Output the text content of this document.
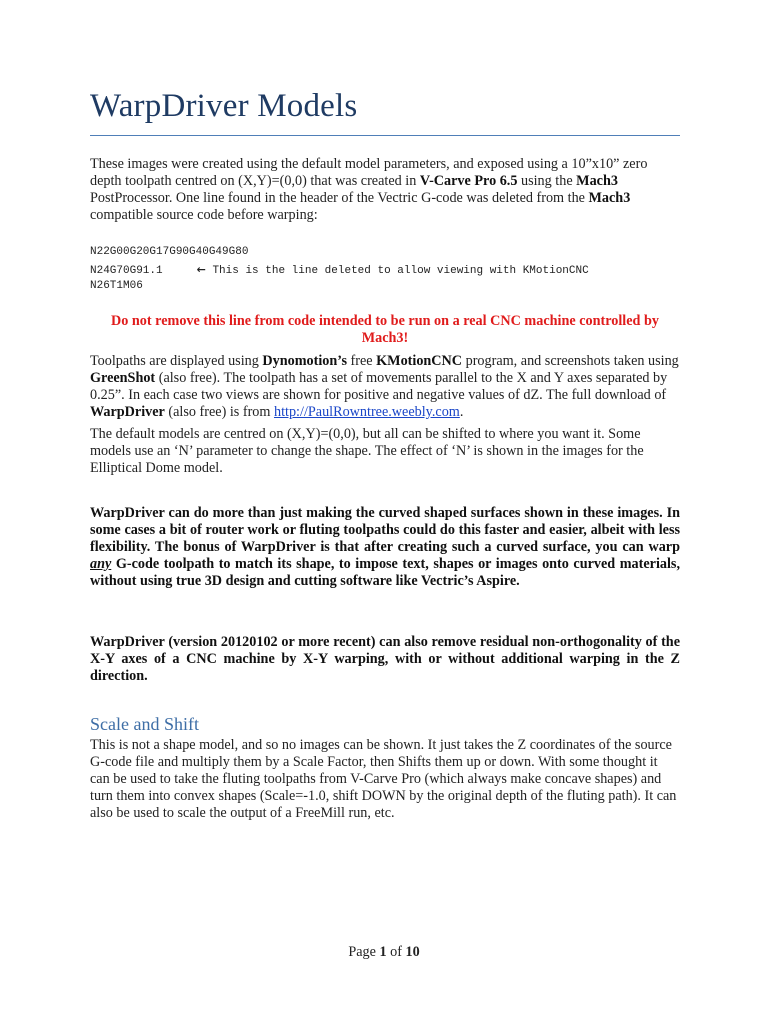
WarpDriver Models

These images were created using the default model parameters, and exposed using a 10”x10” zero depth toolpath centred on (X,Y)=(0,0) that was created in V-Carve Pro 6.5 using the Mach3 PostProcessor. One line found in the header of the Vectric G-code was deleted from the Mach3 compatible source code before warping:

N22G00G20G17G90G40G49G80
N24G70G91.1	← This is the line deleted to allow viewing with KMotionCNC
N26T1M06

Do not remove this line from code intended to be run on a real CNC machine controlled by Mach3!

Toolpaths are displayed using Dynomotion’s free KMotionCNC program, and screenshots taken using GreenShot (also free). The toolpath has a set of movements parallel to the X and Y axes separated by 0.25”. In each case two views are shown for positive and negative values of dZ. The full download of WarpDriver (also free) is from http://PaulRowntree.weebly.com.

The default models are centred on (X,Y)=(0,0), but all can be shifted to where you want it. Some models use an ‘N’ parameter to change the shape. The effect of ‘N’ is shown in the images for the Elliptical Dome model.

WarpDriver can do more than just making the curved shaped surfaces shown in these images. In some cases a bit of router work or fluting toolpaths could do this faster and easier, albeit with less flexibility. The bonus of WarpDriver is that after creating such a curved surface, you can warp any G-code toolpath to match its shape, to impose text, shapes or images onto curved materials, without using true 3D design and cutting software like Vectric’s Aspire.

WarpDriver (version 20120102 or more recent) can also remove residual non-orthogonality of the X-Y axes of a CNC machine by X-Y warping, with or without additional warping in the Z direction.

Scale and Shift

This is not a shape model, and so no images can be shown. It just takes the Z coordinates of the source G-code file and multiply them by a Scale Factor, then Shifts them up or down. With some thought it can be used to take the fluting toolpaths from V-Carve Pro (which always make concave shapes) and turn them into convex shapes (Scale=-1.0, shift DOWN by the original depth of the fluting path). It can also be used to scale the output of a FreeMill run, etc.

Page 1 of 10
